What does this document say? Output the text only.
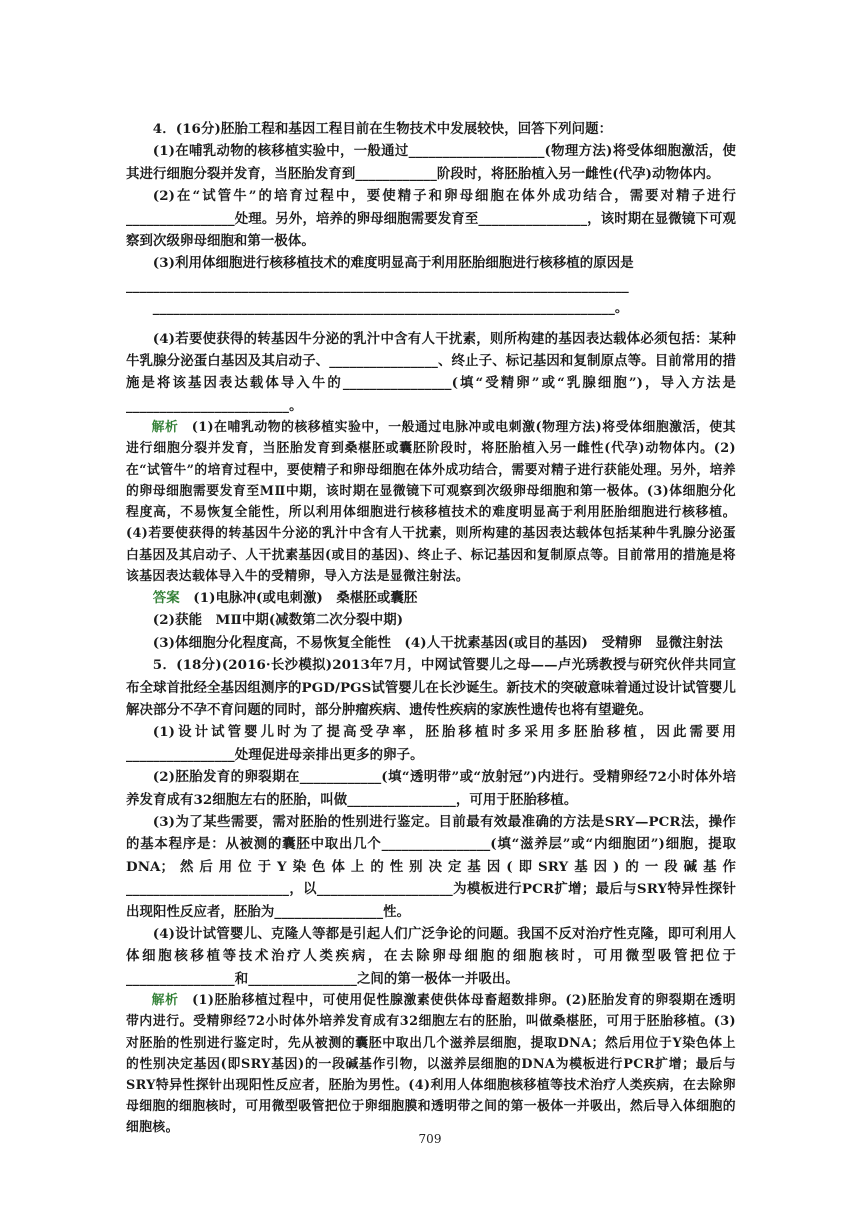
4．(16分)胚胎工程和基因工程目前在生物技术中发展较快，回答下列问题：

(1)在哺乳动物的核移植实验中，一般通过____________________(物理方法)将受体细胞激活，使其进行细胞分裂并发育，当胚胎发育到____________阶段时，将胚胎植入另一雌性(代孕)动物体内。

(2)在“试管牛”的培育过程中，要使精子和卵母细胞在体外成功结合，需要对精子进行________________处理。另外，培养的卵母细胞需要发育至________________，该时期在显微镜下可观察到次级卵母细胞和第一极体。

(3)利用体细胞进行核移植技术的难度明显高于利用胚胎细胞进行核移植的原因是

__________________________________________________________________________

____________________________________________________________________。

(4)若要使获得的转基因牛分泌的乳汁中含有人干扰素，则所构建的基因表达载体必须包括：某种牛乳腺分泌蛋白基因及其启动子、________________、终止子、标记基因和复制原点等。目前常用的措施是将该基因表达载体导入牛的________________(填“受精卵”或“乳腺细胞”)，导入方法是________________________。

解析　 (1)在哺乳动物的核移植实验中，一般通过电脉冲或电刺激(物理方法)将受体细胞激活，使其进行细胞分裂并发育，当胚胎发育到桑椹胚或囊胚阶段时，将胚胎植入另一雌性(代孕)动物体内。(2)在“试管牛”的培育过程中，要使精子和卵母细胞在体外成功结合，需要对精子进行获能处理。另外，培养的卵母细胞需要发育至MⅡ中期，该时期在显微镜下可观察到次级卵母细胞和第一极体。(3)体细胞分化程度高，不易恢复全能性，所以利用体细胞进行核移植技术的难度明显高于利用胚胎细胞进行核移植。(4)若要使获得的转基因牛分泌的乳汁中含有人干扰素，则所构建的基因表达载体包括某种牛乳腺分泌蛋白基因及其启动子、人干扰素基因(或目的基因)、终止子、标记基因和复制原点等。目前常用的措施是将该基因表达载体导入牛的受精卵，导入方法是显微注射法。

答案　 (1)电脉冲(或电刺激)　桑椹胚或囊胚

(2)获能　MⅡ中期(减数第二次分裂中期)

(3)体细胞分化程度高，不易恢复全能性　(4)人干扰素基因(或目的基因)　受精卵　显微注射法

5．(18分)(2016·长沙模拟)2013年7月，中网试管婴儿之母——卢光琇教授与研究伙伴共同宣布全球首批经全基因组测序的PGD/PGS试管婴儿在长沙诞生。新技术的突破意味着通过设计试管婴儿解决部分不孕不育问题的同时，部分肿瘤疾病、遗传性疾病的家族性遗传也将有望避免。

(1)设计试管婴儿时为了提高受孕率，胚胎移植时多采用多胚胎移植，因此需要用________________处理促进母亲排出更多的卵子。

(2)胚胎发育的卵裂期在____________(填“透明带”或“放射冠”)内进行。受精卵经72小时体外培养发育成有32细胞左右的胚胎，叫做________________，可用于胚胎移植。

(3)为了某些需要，需对胚胎的性别进行鉴定。目前最有效最准确的方法是SRY—PCR法，操作的基本程序是：从被测的囊胚中取出几个________________(填“滋养层”或“内细胞团”)细胞，提取DNA；然后用位于Y染色体上的性别决定基因(即SRY基因)的一段碱基作________________________，以____________________为模板进行PCR扩增；最后与SRY特异性探针出现阳性反应者，胚胎为________________性。

(4)设计试管婴儿、克隆人等都是引起人们广泛争论的问题。我国不反对治疗性克隆，即可利用人体细胞核移植等技术治疗人类疾病，在去除卵母细胞的细胞核时，可用微型吸管把位于________________和________________之间的第一极体一并吸出。

解析　 (1)胚胎移植过程中，可使用促性腺激素使供体母畜超数排卵。(2)胚胎发育的卵裂期在透明带内进行。受精卵经72小时体外培养发育成有32细胞左右的胚胎，叫做桑椹胚，可用于胚胎移植。(3)对胚胎的性别进行鉴定时，先从被测的囊胚中取出几个滋养层细胞，提取DNA；然后用位于Y染色体上的性别决定基因(即SRY基因)的一段碱基作引物，以滋养层细胞的DNA为模板进行PCR扩增；最后与SRY特异性探针出现阳性反应者，胚胎为男性。(4)利用人体细胞核移植等技术治疗人类疾病，在去除卵母细胞的细胞核时，可用微型吸管把位于卵细胞膜和透明带之间的第一极体一并吸出，然后导入体细胞的细胞核。

709
